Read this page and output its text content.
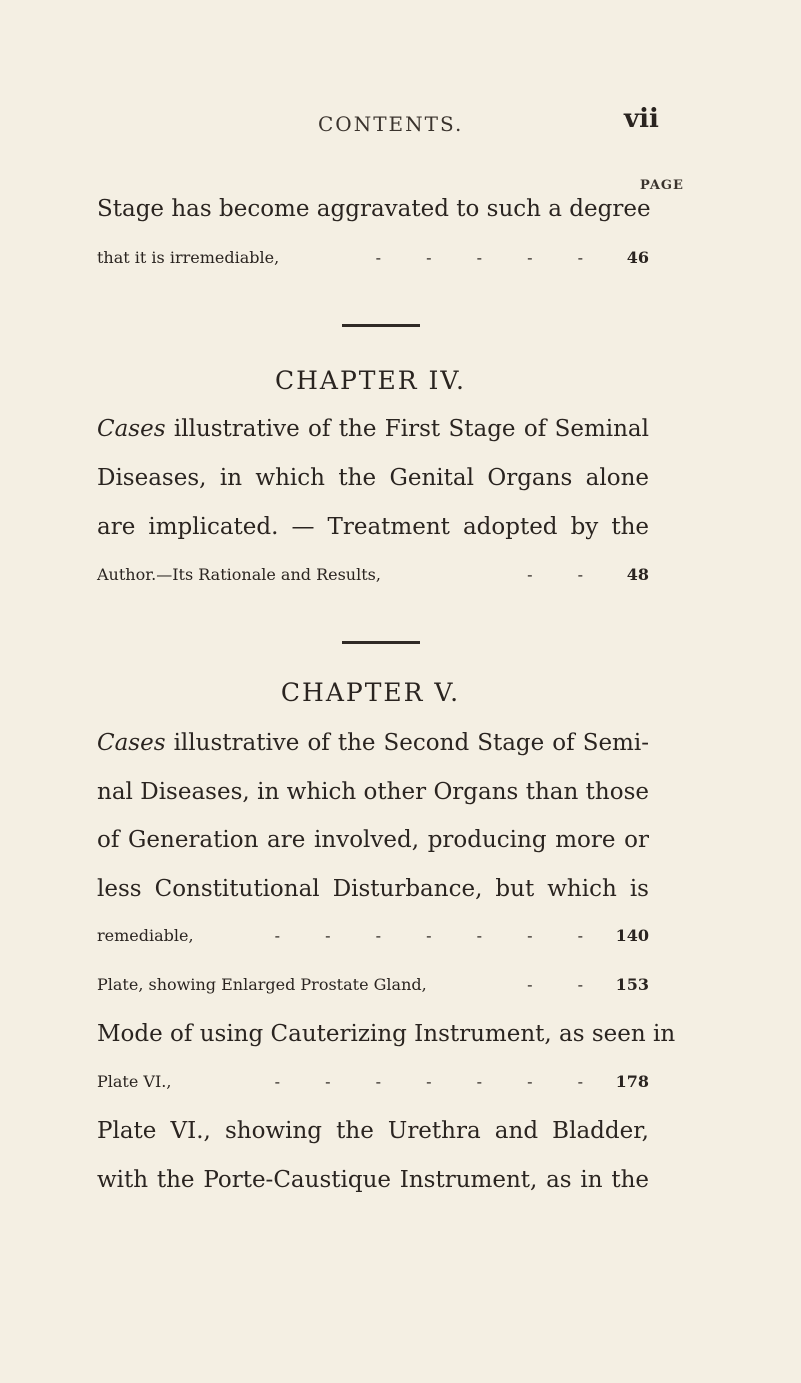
CONTENTS.	vii
PAGE
Stage has become aggravated to such a degree
that it is irremediable,	- - - - -	46
CHAPTER IV.
Cases illustrative of the First Stage of Seminal
Diseases, in which the Genital Organs alone
are implicated. — Treatment adopted by the
Author.—Its Rationale and Results,	- -	48
CHAPTER V.
Cases illustrative of the Second Stage of Semi-
nal Diseases, in which other Organs than those
of Generation are involved, producing more or
less Constitutional Disturbance, but which is
remediable,	- - - - - - - 140
Plate, showing Enlarged Prostate Gland,	- - 153
Mode of using Cauterizing Instrument, as seen in
Plate VI.,	- - - - - - - 178
Plate VI., showing the Urethra and Bladder,
with the Porte-Caustique Instrument, as in the
